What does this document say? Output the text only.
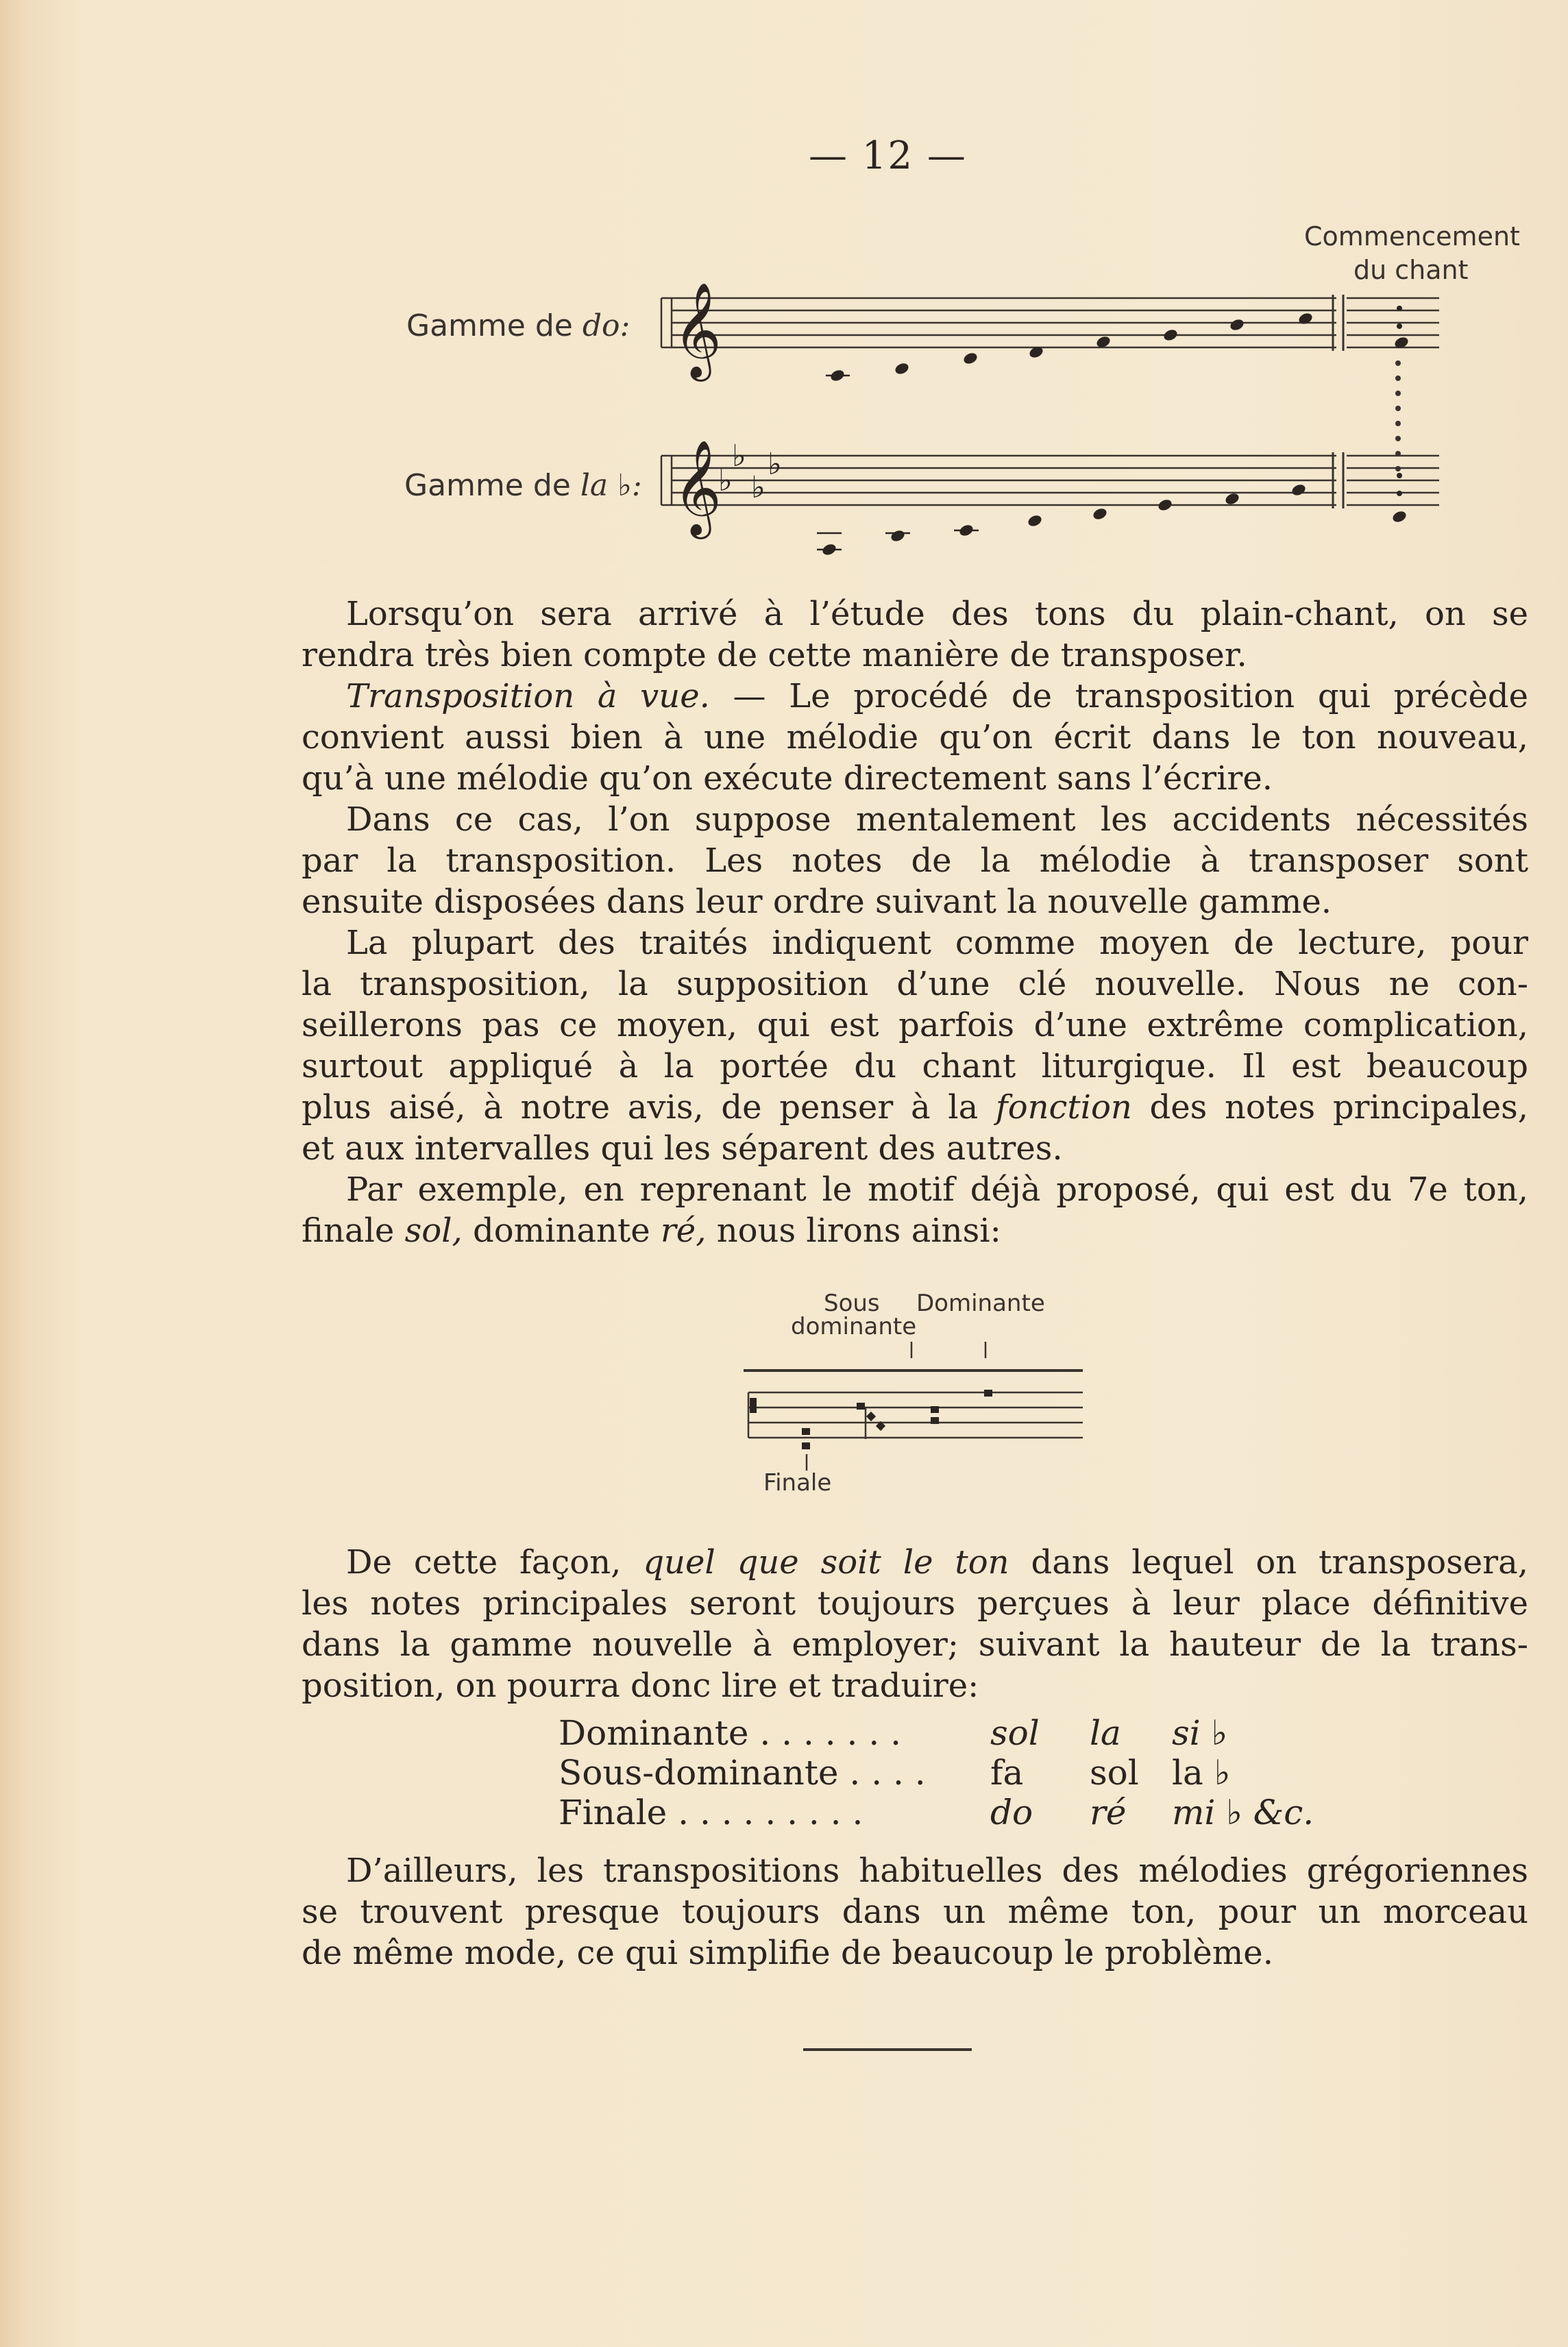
— 12 —
Commencement
du chant
Gamme de do:
Gamme de la ♭:
𝄞
𝄞
♭
♭
♭
♭

Lorsqu’on sera arrivé à l’étude des tons du plain-chant, on se

rendra très bien compte de cette manière de transposer.

Transposition à vue. — Le procédé de transposition qui précède

convient aussi bien à une mélodie qu’on écrit dans le ton nouveau,

qu’à une mélodie qu’on exécute directement sans l’écrire.

Dans ce cas, l’on suppose mentalement les accidents nécessités

par la transposition. Les notes de la mélodie à transposer sont

ensuite disposées dans leur ordre suivant la nouvelle gamme.

La plupart des traités indiquent comme moyen de lecture, pour

la transposition, la supposition d’une clé nouvelle. Nous ne con-

seillerons pas ce moyen, qui est parfois d’une extrême complication,

surtout appliqué à la portée du chant liturgique. Il est beaucoup

plus aisé, à notre avis, de penser à la fonction des notes principales,

et aux intervalles qui les séparent des autres.

Par exemple, en reprenant le motif déjà proposé, qui est du 7e ton,

finale sol, dominante ré, nous lirons ainsi:

Sous
dominante
Dominante
Finale

De cette façon, quel que soit le ton dans lequel on transposera,

les notes principales seront toujours perçues à leur place définitive

dans la gamme nouvelle à employer; suivant la hauteur de la trans-

position, on pourra donc lire et traduire:

Dominante . . . . . . .	sol la si ♭
Sous-dominante . . . . fa sol la ♭
Finale . . . . . . . . .	do ré mi ♭ &c.

D’ailleurs, les transpositions habituelles des mélodies grégoriennes

se trouvent presque toujours dans un même ton, pour un morceau

de même mode, ce qui simplifie de beaucoup le problème.
